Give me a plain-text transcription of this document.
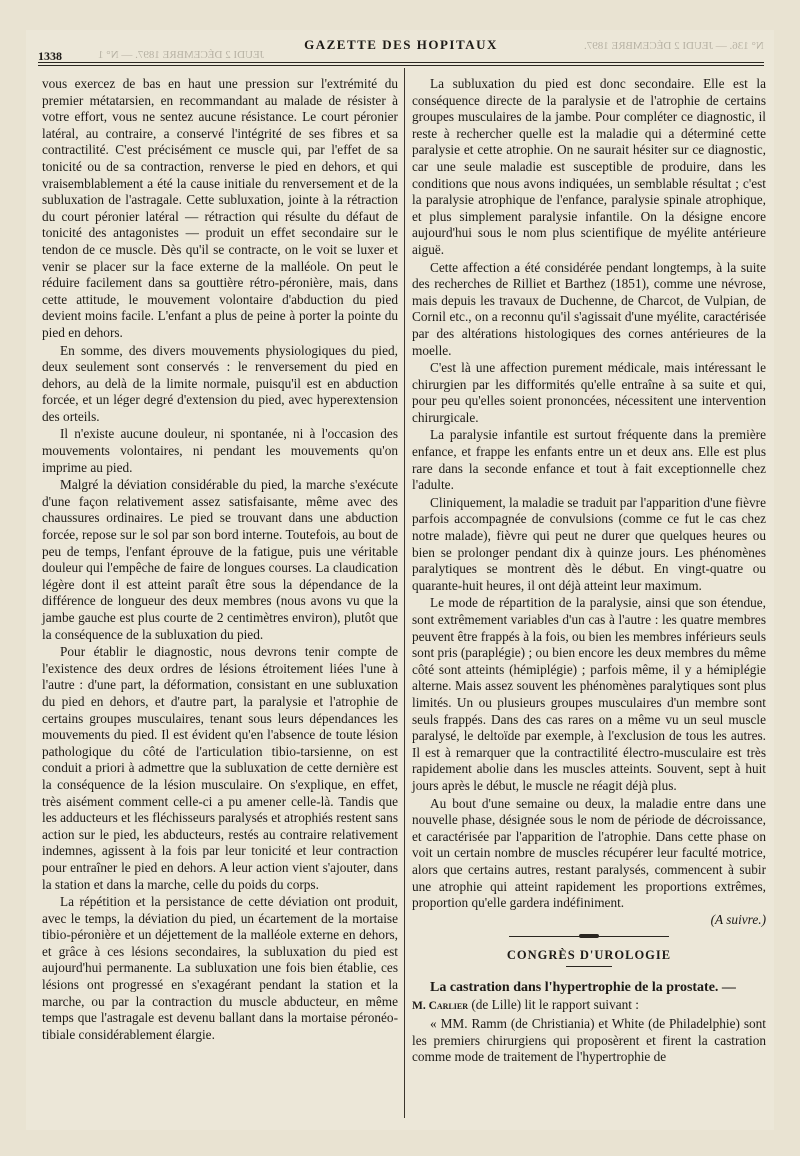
1338	JEUDI 2 DÉCEMBRE 1897. — N° 1
GAZETTE DES HOPITAUX	N° 136. — JEUDI 2 DÉCEMBRE 1897.

vous exercez de bas en haut une pression sur l'extrémité du premier métatarsien, en recommandant au malade de résister à votre effort, vous ne sentez aucune résistance. Le court péronier latéral, au contraire, a conservé l'intégrité de ses fibres et sa contractilité. C'est précisément ce muscle qui, par l'effet de sa tonicité ou de sa contraction, renverse le pied en dehors, et qui vraisemblablement a été la cause initiale du renversement et de la subluxation de l'astragale. Cette subluxation, jointe à la rétraction du court péronier latéral — rétraction qui résulte du défaut de tonicité des antagonistes — produit un effet secondaire sur le tendon de ce muscle. Dès qu'il se contracte, on le voit se luxer et venir se placer sur la face externe de la malléole. On peut le réduire facilement dans sa gouttière rétro-péronière, mais, dans cette attitude, le mouvement volontaire d'abduction du pied devient moins facile. L'enfant a plus de peine à porter la pointe du pied en dehors.

En somme, des divers mouvements physiologiques du pied, deux seulement sont conservés : le renversement du pied en dehors, au delà de la limite normale, puisqu'il est en abduction forcée, et un léger degré d'extension du pied, avec hyperextension des orteils.

Il n'existe aucune douleur, ni spontanée, ni à l'occasion des mouvements volontaires, ni pendant les mouvements qu'on imprime au pied.

Malgré la déviation considérable du pied, la marche s'exécute d'une façon relativement assez satisfaisante, même avec des chaussures ordinaires. Le pied se trouvant dans une abduction forcée, repose sur le sol par son bord interne. Toutefois, au bout de peu de temps, l'enfant éprouve de la fatigue, puis une véritable douleur qui l'empêche de faire de longues courses. La claudication légère dont il est atteint paraît être sous la dépendance de la différence de longueur des deux membres (nous avons vu que la jambe gauche est plus courte de 2 centimètres environ), plutôt que la conséquence de la subluxation du pied.

Pour établir le diagnostic, nous devrons tenir compte de l'existence des deux ordres de lésions étroitement liées l'une à l'autre : d'une part, la déformation, consistant en une subluxation du pied en dehors, et d'autre part, la paralysie et l'atrophie de certains groupes musculaires, tenant sous leurs dépendances les mouvements du pied. Il est évident qu'en l'absence de toute lésion pathologique du côté de l'articulation tibio-tarsienne, on est conduit a priori à admettre que la subluxation de cette dernière est la conséquence de la lésion musculaire. On s'explique, en effet, très aisément comment celle-ci a pu amener celle-là. Tandis que les adducteurs et les fléchisseurs paralysés et atrophiés restent sans action sur le pied, les abducteurs, restés au contraire relativement indemnes, agissent à la fois par leur tonicité et leur contraction pour entraîner le pied en dehors. A leur action vient s'ajouter, dans la station et dans la marche, celle du poids du corps.

La répétition et la persistance de cette déviation ont produit, avec le temps, la déviation du pied, un écartement de la mortaise tibio-péronière et un déjettement de la malléole externe en dehors, et grâce à ces lésions secondaires, la subluxation du pied est aujourd'hui permanente. La subluxation une fois bien établie, ces lésions ont progressé en s'exagérant pendant la station et la marche, ou par la contraction du muscle abducteur, en même temps que l'astragale est devenu ballant dans la mortaise péronéo-tibiale considérablement élargie.

La subluxation du pied est donc secondaire. Elle est la conséquence directe de la paralysie et de l'atrophie de certains groupes musculaires de la jambe. Pour compléter ce diagnostic, il reste à rechercher quelle est la maladie qui a déterminé cette paralysie et cette atrophie. On ne saurait hésiter sur ce diagnostic, car une seule maladie est susceptible de produire, dans les conditions que nous avons indiquées, un semblable résultat ; c'est la paralysie atrophique de l'enfance, paralysie spinale atrophique, et plus simplement paralysie infantile. On la désigne encore aujourd'hui sous le nom plus scientifique de myélite antérieure aiguë.

Cette affection a été considérée pendant longtemps, à la suite des recherches de Rilliet et Barthez (1851), comme une névrose, mais depuis les travaux de Duchenne, de Charcot, de Vulpian, de Cornil etc., on a reconnu qu'il s'agissait d'une myélite, caractérisée par des altérations histologiques des cornes antérieures de la moelle.

C'est là une affection purement médicale, mais intéressant le chirurgien par les difformités qu'elle entraîne à sa suite et qui, pour peu qu'elles soient prononcées, nécessitent une intervention chirurgicale.

La paralysie infantile est surtout fréquente dans la première enfance, et frappe les enfants entre un et deux ans. Elle est plus rare dans la seconde enfance et tout à fait exceptionnelle chez l'adulte.

Cliniquement, la maladie se traduit par l'apparition d'une fièvre parfois accompagnée de convulsions (comme ce fut le cas chez notre malade), fièvre qui peut ne durer que quelques heures ou bien se prolonger pendant dix à quinze jours. Les phénomènes paralytiques se montrent dès le début. En vingt-quatre ou quarante-huit heures, il ont déjà atteint leur maximum.

Le mode de répartition de la paralysie, ainsi que son étendue, sont extrêmement variables d'un cas à l'autre : les quatre membres peuvent être frappés à la fois, ou bien les membres inférieurs seuls sont pris (paraplégie) ; ou bien encore les deux membres du même côté sont atteints (hémiplégie) ; parfois même, il y a hémiplégie alterne. Mais assez souvent les phénomènes paralytiques sont plus limités. Un ou plusieurs groupes musculaires d'un membre sont seuls frappés. Dans des cas rares on a même vu un seul muscle paralysé, le deltoïde par exemple, à l'exclusion de tous les autres. Il est à remarquer que la contractilité électro-musculaire est très rapidement abolie dans les muscles atteints. Souvent, sept à huit jours après le début, le muscle ne réagit déjà plus.

Au bout d'une semaine ou deux, la maladie entre dans une nouvelle phase, désignée sous le nom de période de décroissance, et caractérisée par l'apparition de l'atrophie. Dans cette phase on voit un certain nombre de muscles récupérer leur faculté motrice, alors que certains autres, restant paralysés, commencent à subir une atrophie qui atteint rapidement les proportions extrêmes, proportion qu'elle gardera indéfiniment.

(A suivre.)
CONGRÈS D'UROLOGIE

La castration dans l'hypertrophie de la prostate. —

M. Carlier (de Lille) lit le rapport suivant :

« MM. Ramm (de Christiania) et White (de Philadelphie) sont les premiers chirurgiens qui proposèrent et firent la castration comme mode de traitement de l'hypertrophie de
